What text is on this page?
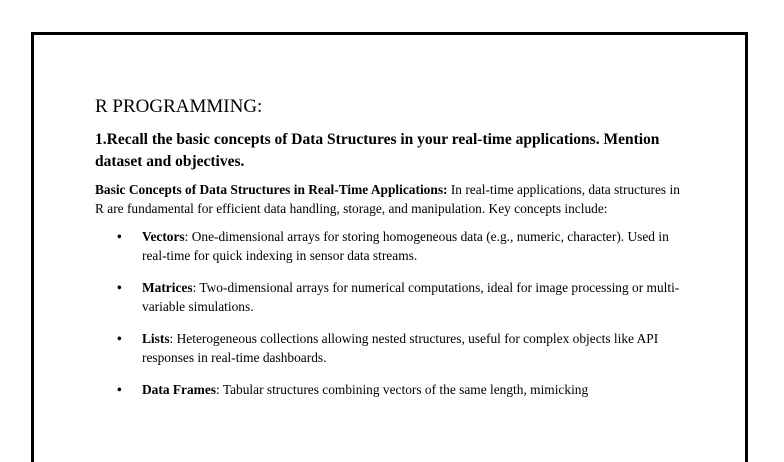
R PROGRAMMING:

1.Recall the basic concepts of Data Structures in your real-time applications. Mention dataset and objectives.

Basic Concepts of Data Structures in Real-Time Applications: In real-time applications, data structures in R are fundamental for efficient data handling, storage, and manipulation. Key concepts include:

• Vectors: One-dimensional arrays for storing homogeneous data (e.g., numeric, character). Used in real-time for quick indexing in sensor data streams.
• Matrices: Two-dimensional arrays for numerical computations, ideal for image processing or multi-variable simulations.
• Lists: Heterogeneous collections allowing nested structures, useful for complex objects like API responses in real-time dashboards.
• Data Frames: Tabular structures combining vectors of the same length, mimicking
